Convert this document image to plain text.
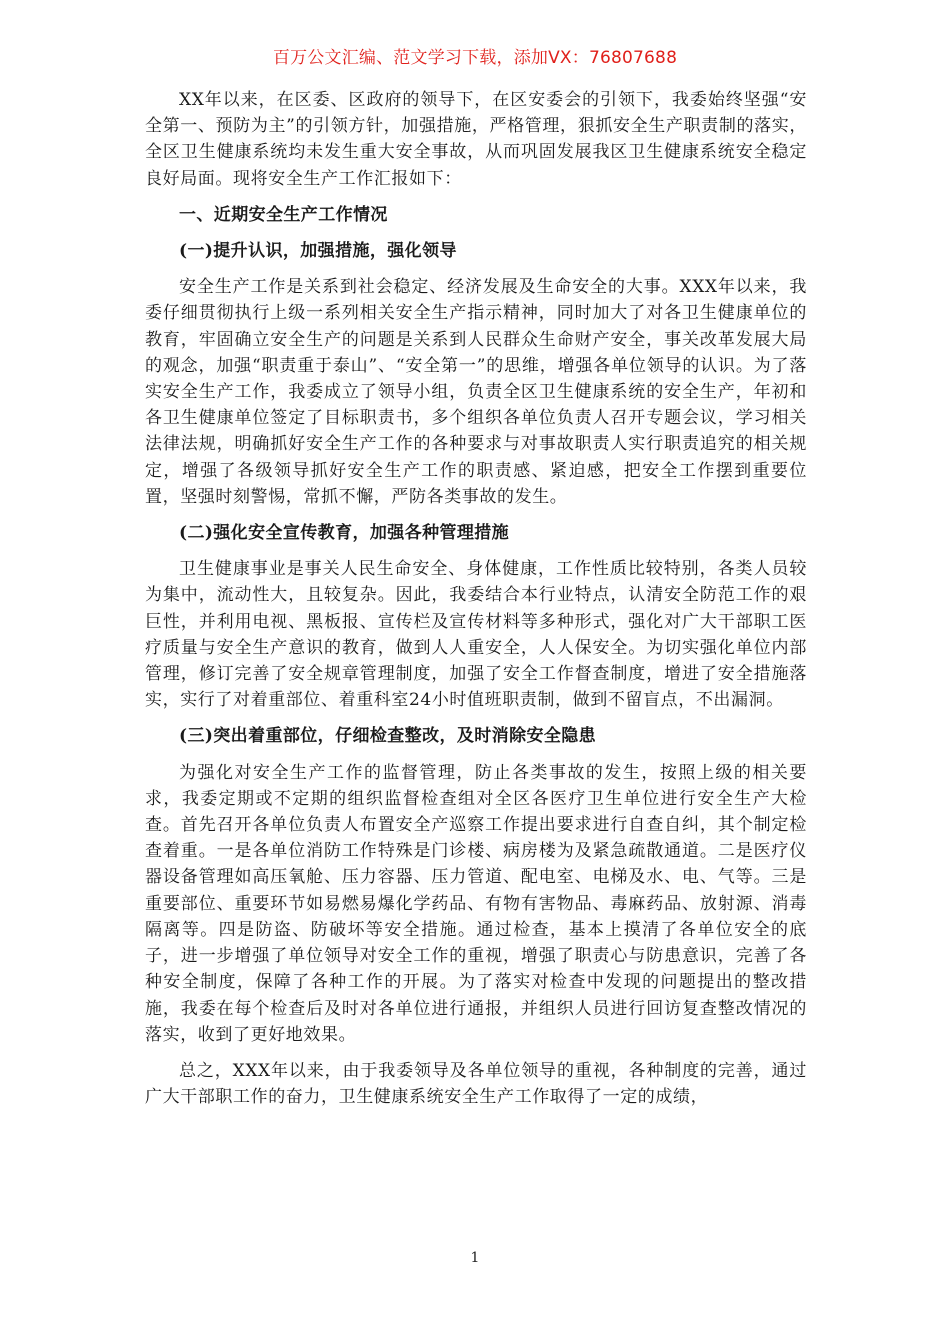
百万公文汇编、范文学习下载，添加VX：76807688

XX年以来，在区委、区政府的领导下，在区安委会的引领下，我委始终坚强“安全第一、预防为主”的引领方针，加强措施，严格管理，狠抓安全生产职责制的落实，全区卫生健康系统均未发生重大安全事故，从而巩固发展我区卫生健康系统安全稳定良好局面。现将安全生产工作汇报如下：

一、近期安全生产工作情况

(一)提升认识，加强措施，强化领导

安全生产工作是关系到社会稳定、经济发展及生命安全的大事。XXX年以来，我委仔细贯彻执行上级一系列相关安全生产指示精神，同时加大了对各卫生健康单位的教育，牢固确立安全生产的问题是关系到人民群众生命财产安全，事关改革发展大局的观念，加强“职责重于泰山”、“安全第一”的思维，增强各单位领导的认识。为了落实安全生产工作，我委成立了领导小组，负责全区卫生健康系统的安全生产，年初和各卫生健康单位签定了目标职责书，多个组织各单位负责人召开专题会议，学习相关法律法规，明确抓好安全生产工作的各种要求与对事故职责人实行职责追究的相关规定，增强了各级领导抓好安全生产工作的职责感、紧迫感，把安全工作摆到重要位置，坚强时刻警惕，常抓不懈，严防各类事故的发生。

(二)强化安全宣传教育，加强各种管理措施

卫生健康事业是事关人民生命安全、身体健康，工作性质比较特别，各类人员较为集中，流动性大，且较复杂。因此，我委结合本行业特点，认清安全防范工作的艰巨性，并利用电视、黑板报、宣传栏及宣传材料等多种形式，强化对广大干部职工医疗质量与安全生产意识的教育，做到人人重安全，人人保安全。为切实强化单位内部管理，修订完善了安全规章管理制度，加强了安全工作督查制度，增进了安全措施落实，实行了对着重部位、着重科室24小时值班职责制，做到不留盲点，不出漏洞。

(三)突出着重部位，仔细检查整改，及时消除安全隐患

为强化对安全生产工作的监督管理，防止各类事故的发生，按照上级的相关要求，我委定期或不定期的组织监督检查组对全区各医疗卫生单位进行安全生产大检查。首先召开各单位负责人布置安全产巡察工作提出要求进行自查自纠，其个制定检查着重。一是各单位消防工作特殊是门诊楼、病房楼为及紧急疏散通道。二是医疗仪器设备管理如高压氧舱、压力容器、压力管道、配电室、电梯及水、电、气等。三是重要部位、重要环节如易燃易爆化学药品、有物有害物品、毒麻药品、放射源、消毒隔离等。四是防盗、防破坏等安全措施。通过检查，基本上摸清了各单位安全的底子，进一步增强了单位领导对安全工作的重视，增强了职责心与防患意识，完善了各种安全制度，保障了各种工作的开展。为了落实对检查中发现的问题提出的整改措施，我委在每个检查后及时对各单位进行通报，并组织人员进行回访复查整改情况的落实，收到了更好地效果。

总之，XXX年以来，由于我委领导及各单位领导的重视，各种制度的完善，通过广大干部职工作的奋力，卫生健康系统安全生产工作取得了一定的成绩，

1
